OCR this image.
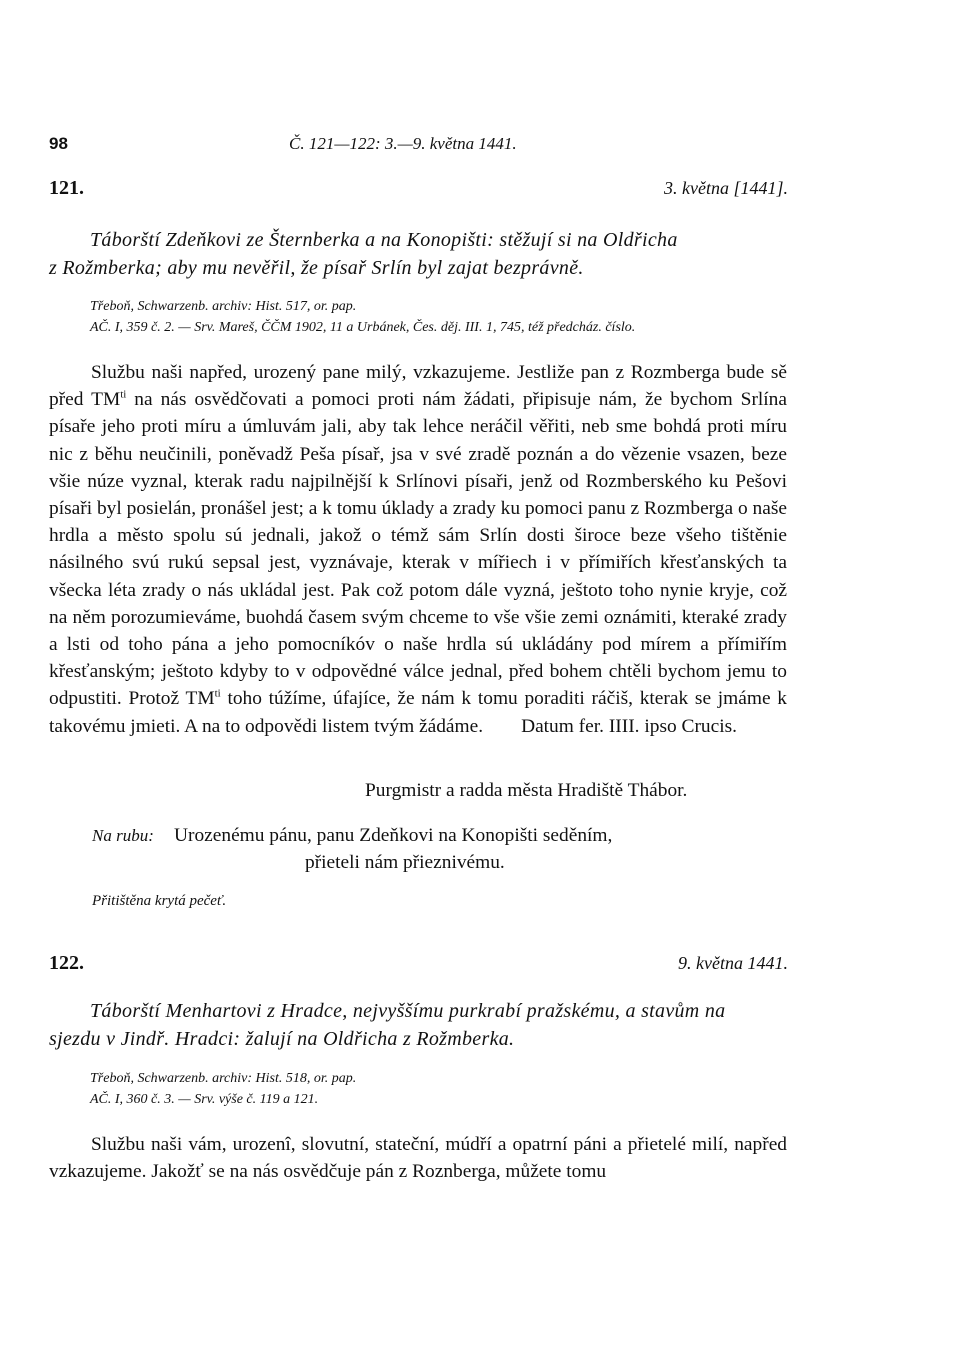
98	Č. 121—122: 3.—9. května 1441.
121.	3. května [1441].
Táborští Zdeňkovi ze Šternberka a na Konopišti: stěžují si na Oldřicha
z Rožmberka; aby mu nevěřil, že písař Srlín byl zajat bezprávně.
Třeboň, Schwarzenb. archiv: Hist. 517, or. pap.
AČ. I, 359 č. 2. — Srv. Mareš, ČČM 1902, 11 a Urbánek, Čes. děj. III. 1, 745, též předcház. číslo.

Službu naši napřed, urozený pane milý, vzkazujeme. Jestliže pan z Rozmberga bude sě před $TM^{ti}$ na nás osvědčovati a pomoci proti nám žádati, připisuje nám, že bychom Srlína písaře jeho proti míru a úmluvám jali, aby tak lehce neráčil věřiti, neb sme bohdá proti míru nic z běhu neučinili, poněvadž Peša písař, jsa v své zradě poznán a do vězenie vsazen, beze všie núze vyznal, kterak radu najpilnější k Srlínovi písaři, jenž od Rozmberského ku Pešovi písaři byl posielán, pronášel jest; a k tomu úklady a zrady ku pomoci panu z Rozmberga o naše hrdla a město spolu sú jednali, jakož o témž sám Srlín dosti široce beze všeho tištěnie násilného svú rukú sepsal jest, vyznávaje, kterak v mířiech i v přímiřích křesťanských ta všecka léta zrady o nás ukládal jest. Pak což potom dále vyzná, ještoto toho nynie kryje, což na něm porozumieváme, buohdá časem svým chceme to vše všie zemi oznámiti, kteraké zrady a lsti od toho pána a jeho pomocníkóv o naše hrdla sú ukládány pod mírem a přímiřím křesťanským; ještoto kdyby to v odpovědné válce jednal, před bohem chtěli bychom jemu to odpustiti. Protož $TM^{ti}$ toho túžíme, úfajíce, že nám k tomu poraditi ráčiš, kterak se jmáme k takovému jmieti. A na to odpovědi listem tvým žádáme. Datum fer. IIII. ipso Crucis.

Purgmistr a radda města Hradiště Thábor.
Na rubu: Urozenému pánu, panu Zdeňkovi na Konopišti seděním,
přieteli nám přieznivému.
Přitištěna krytá pečeť.
122.	9. května 1441.
Táborští Menhartovi z Hradce, nejvyššímu purkrabí pražskému, a stavům na
sjezdu v Jindř. Hradci: žalují na Oldřicha z Rožmberka.
Třeboň, Schwarzenb. archiv: Hist. 518, or. pap.
AČ. I, 360 č. 3. — Srv. výše č. 119 a 121.

Službu naši vám, urozenî, slovutní, stateční, múdří a opatrní páni a přietelé milí, napřed vzkazujeme. Jakožť se na nás osvědčuje pán z Roznberga, můžete tomu
